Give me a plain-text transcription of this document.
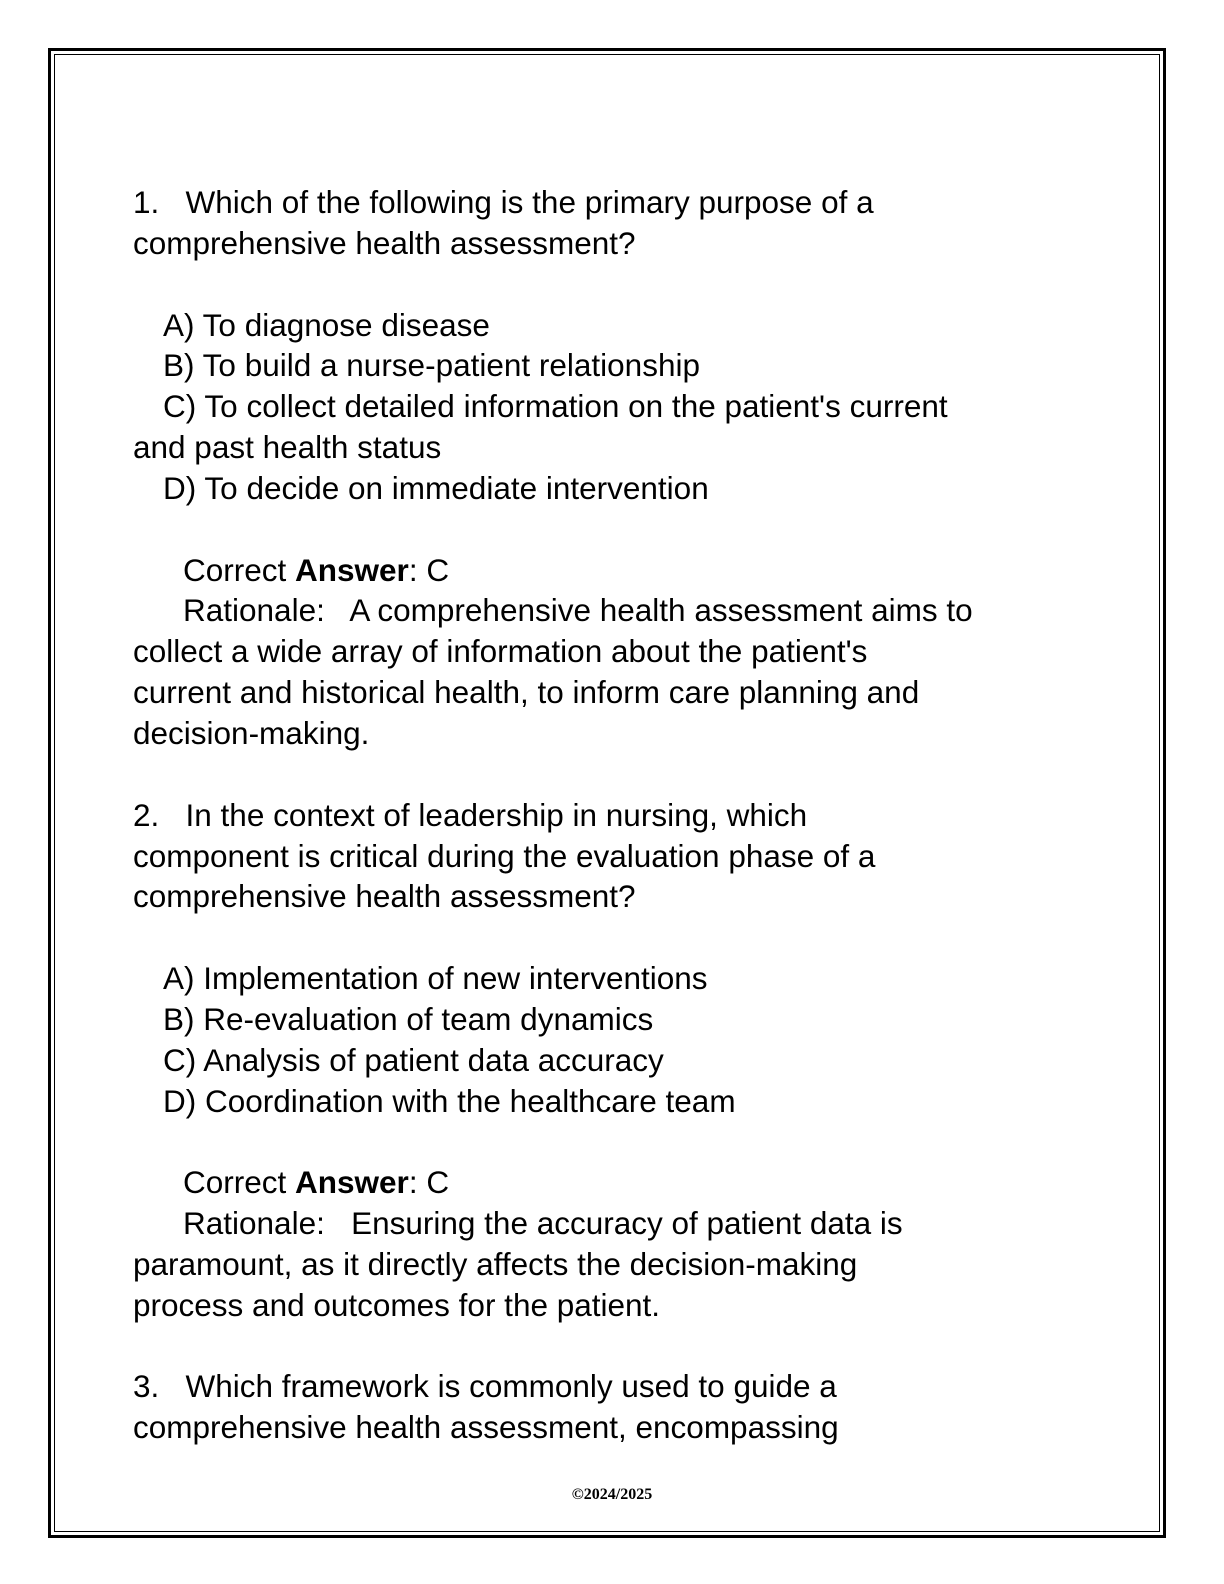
1.   Which of the following is the primary purpose of a
comprehensive health assessment?
A) To diagnose disease
B) To build a nurse-patient relationship
C) To collect detailed information on the patient's current
and past health status
D) To decide on immediate intervention
Correct Answer: C
Rationale:   A comprehensive health assessment aims to
collect a wide array of information about the patient's
current and historical health, to inform care planning and
decision-making.
2.   In the context of leadership in nursing, which
component is critical during the evaluation phase of a
comprehensive health assessment?
A) Implementation of new interventions
B) Re-evaluation of team dynamics
C) Analysis of patient data accuracy
D) Coordination with the healthcare team
Correct Answer: C
Rationale:   Ensuring the accuracy of patient data is
paramount, as it directly affects the decision-making
process and outcomes for the patient.
3.   Which framework is commonly used to guide a
comprehensive health assessment, encompassing
©2024/2025
